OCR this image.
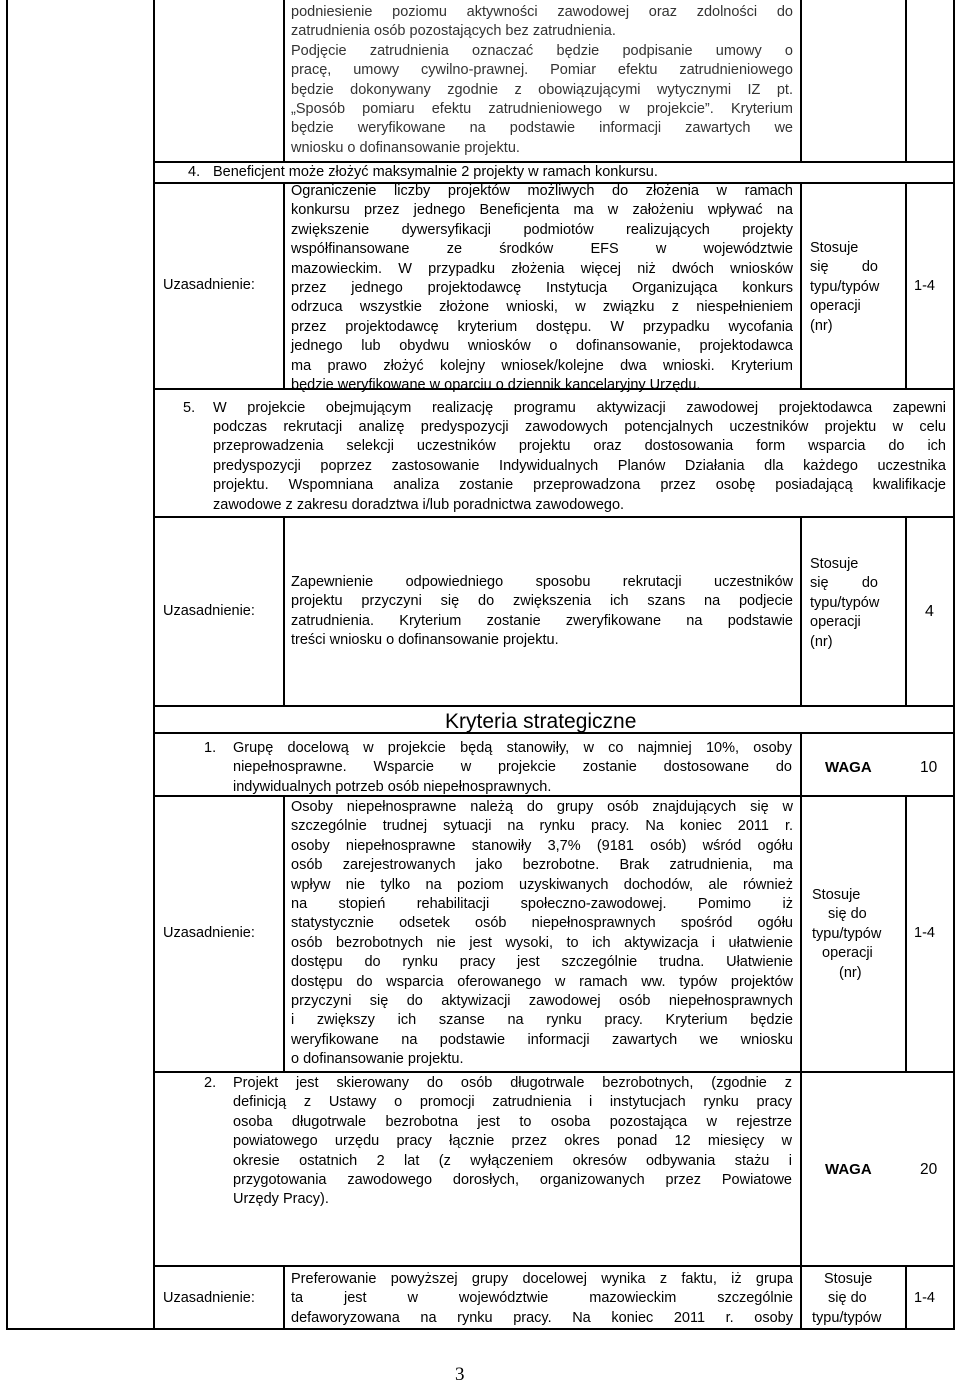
podniesienie poziomu aktywności zawodowej oraz zdolności do
zatrudnienia osób pozostających bez zatrudnienia.
Podjęcie zatrudnienia oznaczać będzie podpisanie umowy o
pracę, umowy cywilno-prawnej. Pomiar efektu zatrudnieniowego
będzie dokonywany zgodnie z obowiązującymi wytycznymi IZ pt.
„Sposób pomiaru efektu zatrudnieniowego w projekcie”. Kryterium
będzie weryfikowane na podstawie informacji zawartych we
wniosku o dofinansowanie projektu.
4. Beneficjent może złożyć maksymalnie 2 projekty w ramach konkursu.
Uzasadnienie:
Ograniczenie liczby projektów możliwych do złożenia w ramach
konkursu przez jednego Beneficjenta ma w założeniu wpływać na
zwiększenie dywersyfikacji podmiotów realizujących projekty
współfinansowane ze środków EFS w województwie
mazowieckim. W przypadku złożenia więcej niż dwóch wniosków
przez jednego projektodawcę Instytucja Organizująca konkurs
odrzuca wszystkie złożone wnioski, w związku z niespełnieniem
przez projektodawcę kryterium dostępu. W przypadku wycofania
jednego lub obydwu wniosków o dofinansowanie, projektodawca
ma prawo złożyć kolejny wniosek/kolejne dwa wnioski. Kryterium
będzie weryfikowane w oparciu o dziennik kancelaryjny Urzędu.
Stosuje
się do
typu/typów
operacji
(nr)
1-4
5. W projekcie obejmującym realizację programu aktywizacji zawodowej projektodawca zapewni
podczas rekrutacji analizę predyspozycji zawodowych potencjalnych uczestników projektu w celu
przeprowadzenia selekcji uczestników projektu oraz dostosowania form wsparcia do ich
predyspozycji poprzez zastosowanie Indywidualnych Planów Działania dla każdego uczestnika
projektu. Wspomniana analiza zostanie przeprowadzona przez osobę posiadającą kwalifikacje
zawodowe z zakresu doradztwa i/lub poradnictwa zawodowego.
Uzasadnienie:
Zapewnienie odpowiedniego sposobu rekrutacji uczestników
projektu przyczyni się do zwiększenia ich szans na podjecie
zatrudnienia. Kryterium zostanie zweryfikowane na podstawie
treści wniosku o dofinansowanie projektu.
Stosuje
się do
typu/typów
operacji
(nr)
4
Kryteria strategiczne
1. Grupę docelową w projekcie będą stanowiły, w co najmniej 10%, osoby
niepełnosprawne. Wsparcie w projekcie zostanie dostosowane do
indywidualnych potrzeb osób niepełnosprawnych.
WAGA	10
Uzasadnienie:
Osoby niepełnosprawne należą do grupy osób znajdujących się w
szczególnie trudnej sytuacji na rynku pracy. Na koniec 2011 r.
osoby niepełnosprawne stanowiły 3,7% (9181 osób) wśród ogółu
osób zarejestrowanych jako bezrobotne. Brak zatrudnienia, ma
wpływ nie tylko na poziom uzyskiwanych dochodów, ale również
na stopień rehabilitacji społeczno-zawodowej. Pomimo iż
statystycznie odsetek osób niepełnosprawnych spośród ogółu
osób bezrobotnych nie jest wysoki, to ich aktywizacja i ułatwienie
dostępu do rynku pracy jest szczególnie trudna. Ułatwienie
dostępu do wsparcia oferowanego w ramach ww. typów projektów
przyczyni się do aktywizacji zawodowej osób niepełnosprawnych
i zwiększy ich szanse na rynku pracy. Kryterium będzie
weryfikowane na podstawie informacji zawartych we wniosku
o dofinansowanie projektu.
Stosuje
się do
typu/typów
operacji
(nr)
1-4
2. Projekt jest skierowany do osób długotrwale bezrobotnych, (zgodnie z
definicją z Ustawy o promocji zatrudnienia i instytucjach rynku pracy
osoba długotrwale bezrobotna jest to osoba pozostająca w rejestrze
powiatowego urzędu pracy łącznie przez okres ponad 12 miesięcy w
okresie ostatnich 2 lat (z wyłączeniem okresów odbywania stażu i
przygotowania zawodowego dorosłych, organizowanych przez Powiatowe
Urzędy Pracy).
WAGA	20
Uzasadnienie:
Preferowanie powyższej grupy docelowej wynika z faktu, iż grupa
ta jest w województwie mazowieckim szczególnie
defaworyzowana na rynku pracy. Na koniec 2011 r. osoby
Stosuje
się do
typu/typów
1-4
3
